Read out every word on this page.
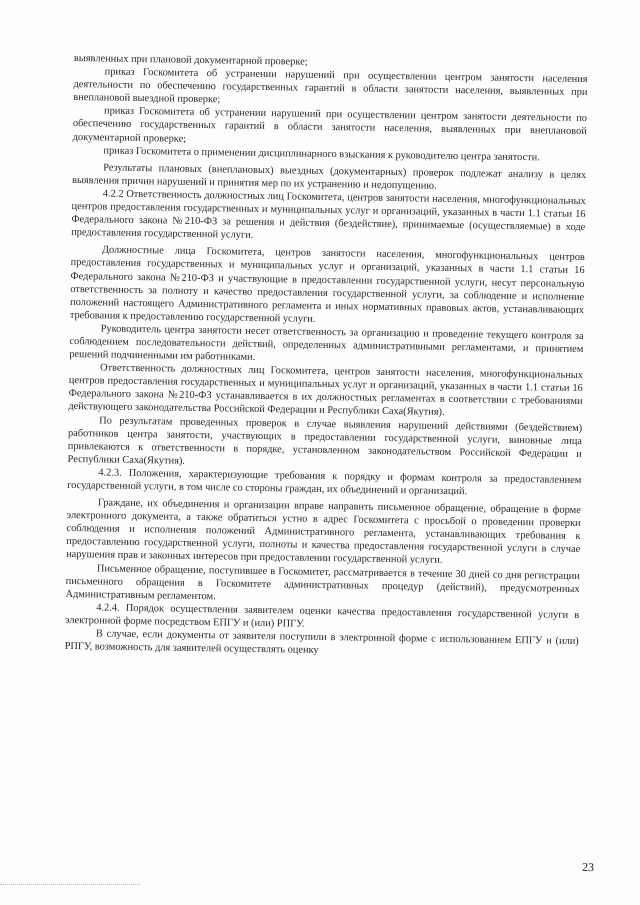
выявленных при плановой документарной проверке;

приказ Госкомитета об устранении нарушений при осуществлении центром занятости населения деятельности по обеспечению государственных гарантий в области занятости населения, выявленных при внеплановой выездной проверке;

приказ Госкомитета об устранении нарушений при осуществлении центром занятости деятельности по обеспечению государственных гарантий в области занятости населения, выявленных при внеплановой документарной проверке;

приказ Госкомитета о применении дисциплинарного взыскания к руководителю центра занятости.

Результаты плановых (внеплановых) выездных (документарных) проверок подлежат анализу в целях выявления причин нарушений и принятия мер по их устранению и недопущению.

4.2.2 Ответственность должностных лиц Госкомитета, центров занятости населения, многофункциональных центров предоставления государственных и муниципальных услуг и организаций, указанных в части 1.1 статьи 16 Федерального закона №210-ФЗ за решения и действия (бездействие), принимаемые (осуществляемые) в ходе предоставления государственной услуги.

Должностные лица Госкомитета, центров занятости населения, многофункциональных центров предоставления государственных и муниципальных услуг и организаций, указанных в части 1.1 статьи 16 Федерального закона №210-ФЗ и участвующие в предоставлении государственной услуги, несут персональную ответственность за полноту и качество предоставления государственной услуги, за соблюдение и исполнение положений настоящего Административного регламента и иных нормативных правовых актов, устанавливающих требования к предоставлению государственной услуги.

Руководитель центра занятости несет ответственность за организацию и проведение текущего контроля за соблюдением последовательности действий, определенных административными регламентами, и принятием решений подчиненными им работниками.

Ответственность должностных лиц Госкомитета, центров занятости населения, многофункциональных центров предоставления государственных и муниципальных услуг и организаций, указанных в части 1.1 статьи 16 Федерального закона №210-ФЗ устанавливается в их должностных регламентах в соответствии с требованиями действующего законодательства Российской Федерации и Республики Саха(Якутия).

По результатам проведенных проверок в случае выявления нарушений действиями (бездействием) работников центра занятости, участвующих в предоставлении государственной услуги, виновные лица привлекаются к ответственности в порядке, установленном законодательством Российской Федерации и Республики Саха(Якутия).

4.2.3. Положения, характеризующие требования к порядку и формам контроля за предоставлением государственной услуги, в том числе со стороны граждан, их объединений и организаций.

Граждане, их объединения и организации вправе направить письменное обращение, обращение в форме электронного документа, а также обратиться устно в адрес Госкомитета с просьбой о проведении проверки соблюдения и исполнения положений Административного регламента, устанавливающих требования к предоставлению государственной услуги, полноты и качества предоставления государственной услуги в случае нарушения прав и законных интересов при предоставлении государственной услуги.

Письменное обращение, поступившее в Госкомитет, рассматривается в течение 30 дней со дня регистрации письменного обращения в Госкомитете административных процедур (действий), предусмотренных Административным регламентом.

4.2.4. Порядок осуществления заявителем оценки качества предоставления государственной услуги в электронной форме посредством ЕПГУ и (или) РПГУ.

В случае, если документы от заявителя поступили в электронной форме с использованием ЕПГУ и (или) РПГУ, возможность для заявителей осуществлять оценку

23
